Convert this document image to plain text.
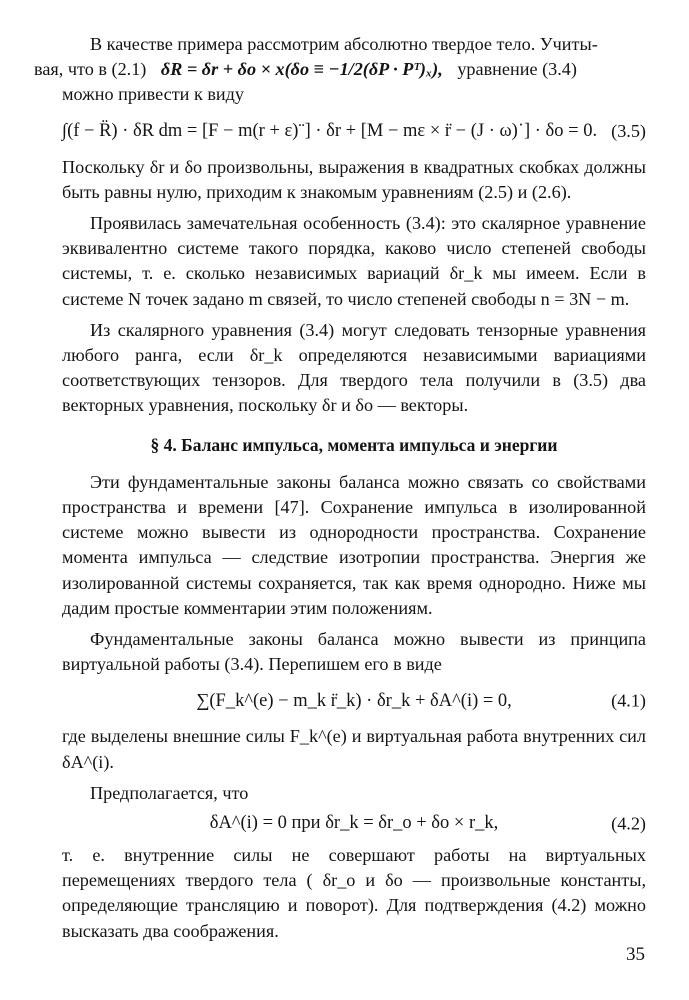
В качестве примера рассмотрим абсолютно твердое тело. Учиты-
вая, что в (2.1) δR = δr + δo × x(δo ≡ −1/2(δP · Pᵀ)ₓ), уравнение (3.4)
можно привести к виду

∫(f − R̈) · δR dm = [F − m(r + ε)¨] · δr + [M − mε × r̈ − (J · ω)˙] · δo = 0. (3.5)

Поскольку δr и δo произвольны, выражения в квадратных скобках должны быть равны нулю, приходим к знакомым уравнениям (2.5) и (2.6).

Проявилась замечательная особенность (3.4): это скалярное уравнение эквивалентно системе такого порядка, каково число степеней свободы системы, т. е. сколько независимых вариаций δr_k мы имеем. Если в системе N точек задано m связей, то число степеней свободы n = 3N − m.

Из скалярного уравнения (3.4) могут следовать тензорные уравнения любого ранга, если δr_k определяются независимыми вариациями соответствующих тензоров. Для твердого тела получили в (3.5) два векторных уравнения, поскольку δr и δo — векторы.

§ 4. Баланс импульса, момента импульса и энергии

Эти фундаментальные законы баланса можно связать со свойствами пространства и времени [47]. Сохранение импульса в изолированной системе можно вывести из однородности пространства. Сохранение момента импульса — следствие изотропии пространства. Энергия же изолированной системы сохраняется, так как время однородно. Ниже мы дадим простые комментарии этим положениям.

Фундаментальные законы баланса можно вывести из принципа виртуальной работы (3.4). Перепишем его в виде

∑(F_k^(e) − m_k r̈_k) · δr_k + δA^(i) = 0,	(4.1)

где выделены внешние силы F_k^(e) и виртуальная работа внутренних сил δA^(i).

Предполагается, что

δA^(i) = 0 при δr_k = δr_o + δo × r_k,	(4.2)

т. е. внутренние силы не совершают работы на виртуальных перемещениях твердого тела ( δr_o и δo — произвольные константы, определяющие трансляцию и поворот). Для подтверждения (4.2) можно высказать два соображения.

35
